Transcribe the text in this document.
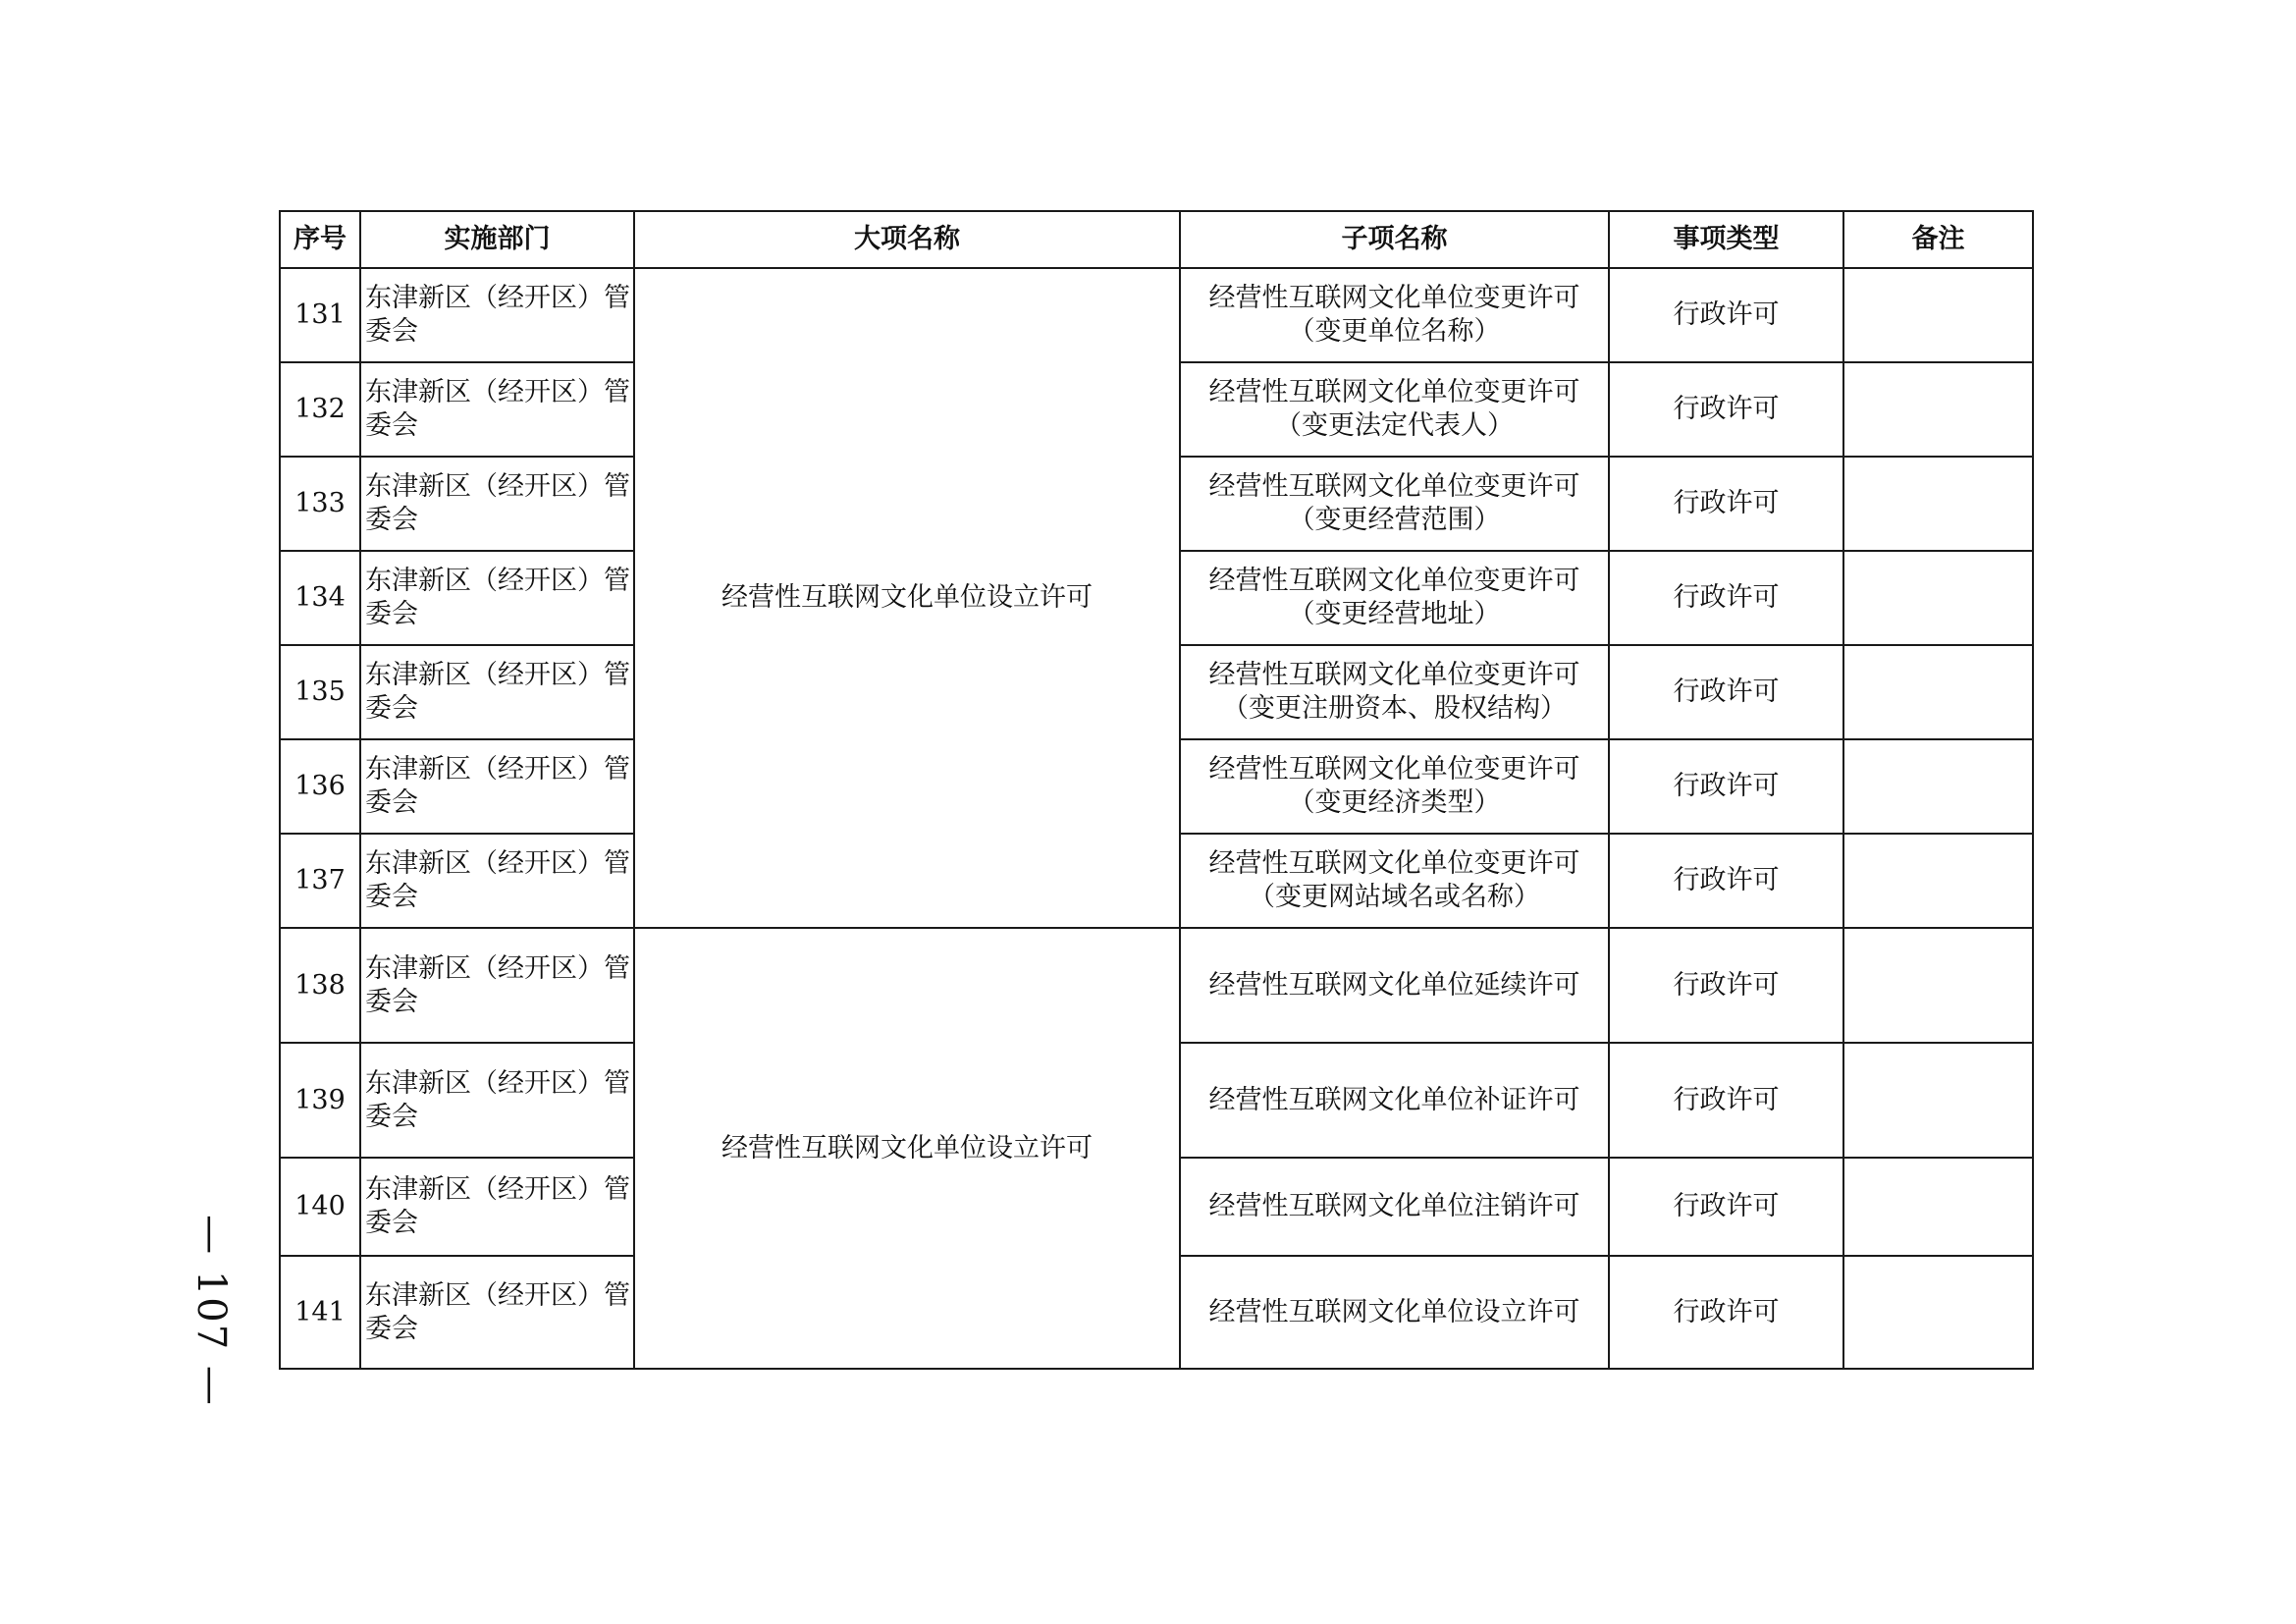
序号	实施部门	大项名称	子项名称	事项类型	备注
131	东津新区（经开区）管委会	经营性互联网文化单位设立许可	经营性互联网文化单位变更许可
（变更单位名称）	行政许可	
132	东津新区（经开区）管委会		经营性互联网文化单位变更许可
（变更法定代表人）	行政许可	
133	东津新区（经开区）管委会		经营性互联网文化单位变更许可
（变更经营范围）	行政许可	
134	东津新区（经开区）管委会		经营性互联网文化单位变更许可
（变更经营地址）	行政许可	
135	东津新区（经开区）管委会		经营性互联网文化单位变更许可
（变更注册资本、股权结构）	行政许可	
136	东津新区（经开区）管委会		经营性互联网文化单位变更许可
（变更经济类型）	行政许可	
137	东津新区（经开区）管委会		经营性互联网文化单位变更许可
（变更网站域名或名称）	行政许可	
138	东津新区（经开区）管委会	经营性互联网文化单位设立许可	经营性互联网文化单位延续许可	行政许可	
139	东津新区（经开区）管委会		经营性互联网文化单位补证许可	行政许可	
140	东津新区（经开区）管委会		经营性互联网文化单位注销许可	行政许可	
141	东津新区（经开区）管委会		经营性互联网文化单位设立许可	行政许可	
— 107 —
